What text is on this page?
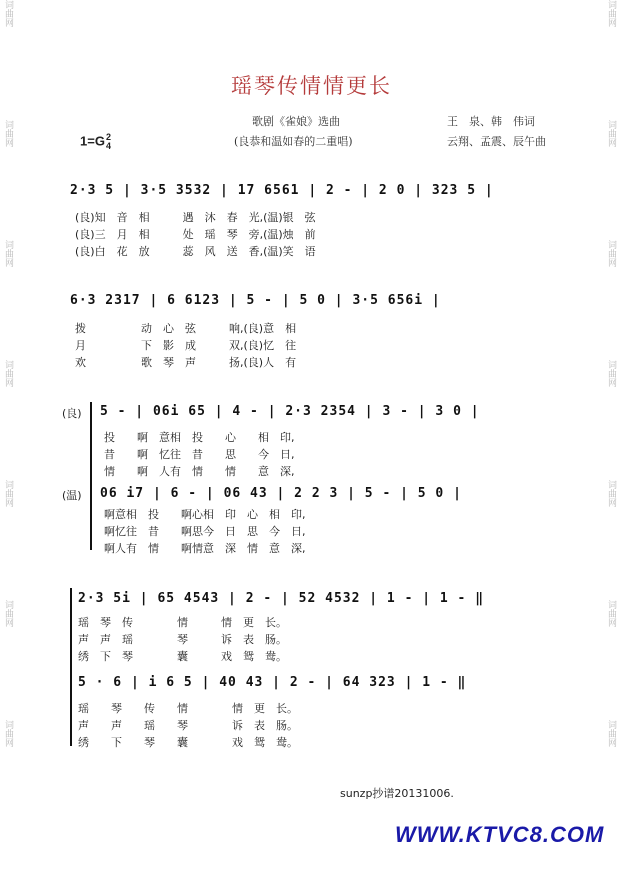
词曲网
词曲网
词曲网
词曲网
词曲网
词曲网
词曲网
词曲网
词曲网
词曲网
词曲网
词曲网
词曲网
词曲网
瑶琴传情情更长
歌剧《雀娘》选曲	王　泉、韩　伟词
(良恭和温如春的二重唱)	云翔、孟震、辰午曲
1=G2
4
2·3 5 | 3·5 3532 | 17 6561 | 2 - | 2 0 | 323 5 |
(良)知　音　相　　　遇　沐　春　光,(温)银　弦
(良)三　月　相　　　处　瑶　琴　旁,(温)烛　前
(良)白　花　放　　　蕊　风　送　香,(温)笑　语
6·3 2317 | 6 6123 | 5 - | 5 0 | 3·5 656i |
拨　　　　　动　心　弦　　　响,(良)意　相
月　　　　　下　影　成　　　双,(良)忆　往
欢　　　　　歌　琴　声　　　扬,(良)人　有
(良) 5 - | 06i 65 | 4 - | 2·3 2354 | 3 - | 3 0 |
投　　啊　意相　投　　心　　相　印,
昔　　啊　忆往　昔　　思　　今　日,
情　　啊　人有　情　　情　　意　深,
(温) 06 i7 | 6 - | 06 43 | 2 2 3 | 5 - | 5 0 |
啊意相　投　　啊心相　印　心　相　印,
啊忆往　昔　　啊思今　日　思　今　日,
啊人有　情　　啊情意　深　情　意　深,
2·3 5i | 65 4543 | 2 - | 52 4532 | 1 - | 1 - ‖
瑶　琴　传　　　　情　　　情　更　长。
声　声　瑶　　　　琴　　　诉　表　肠。
绣　下　琴　　　　囊　　　戏　鸳　鸯。
5 · 6 | i 6 5 | 40 43 | 2 - | 64 323 | 1 - ‖
瑶　　琴　　传　　情　　　　情　更　长。
声　　声　　瑶　　琴　　　　诉　表　肠。
绣　　下　　琴　　囊　　　　戏　鸳　鸯。
sunzp抄谱20131006.
WWW.KTVC8.COM
